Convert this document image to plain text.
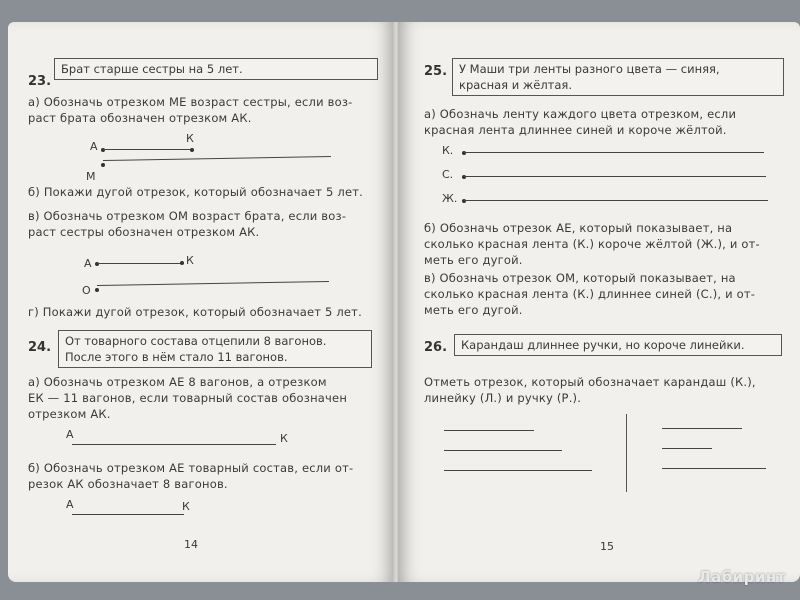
23.
Брат старше сестры на 5 лет.
а) Обозначь отрезком МЕ возраст сестры, если воз-
раст брата обозначен отрезком АК.
А
К
М
б) Покажи дугой отрезок, который обозначает 5 лет.
в) Обозначь отрезком ОМ возраст брата, если воз-
раст сестры обозначен отрезком АК.
А	К
О
г) Покажи дугой отрезок, который обозначает 5 лет.
24. От товарного состава отцепили 8 вагонов.
После этого в нём стало 11 вагонов.
а) Обозначь отрезком АЕ 8 вагонов, а отрезком
ЕК — 11 вагонов, если товарный состав обозначен
отрезком АК.
А	К
б) Обозначь отрезком АЕ товарный состав, если от-
резок АК обозначает 8 вагонов.
А	К
14
25. У Маши три ленты разного цвета — синяя,
красная и жёлтая.
а) Обозначь ленту каждого цвета отрезком, если
красная лента длиннее синей и короче жёлтой.
К.
С.
Ж.
б) Обозначь отрезок АЕ, который показывает, на
сколько красная лента (К.) короче жёлтой (Ж.), и от-
меть его дугой.
в) Обозначь отрезок ОМ, который показывает, на
сколько красная лента (К.) длиннее синей (С.), и от-
меть его дугой.
26.	Карандаш длиннее ручки, но короче линейки.
Отметь отрезок, который обозначает карандаш (К.),
линейку (Л.) и ручку (Р.).
15
Лабиринт
